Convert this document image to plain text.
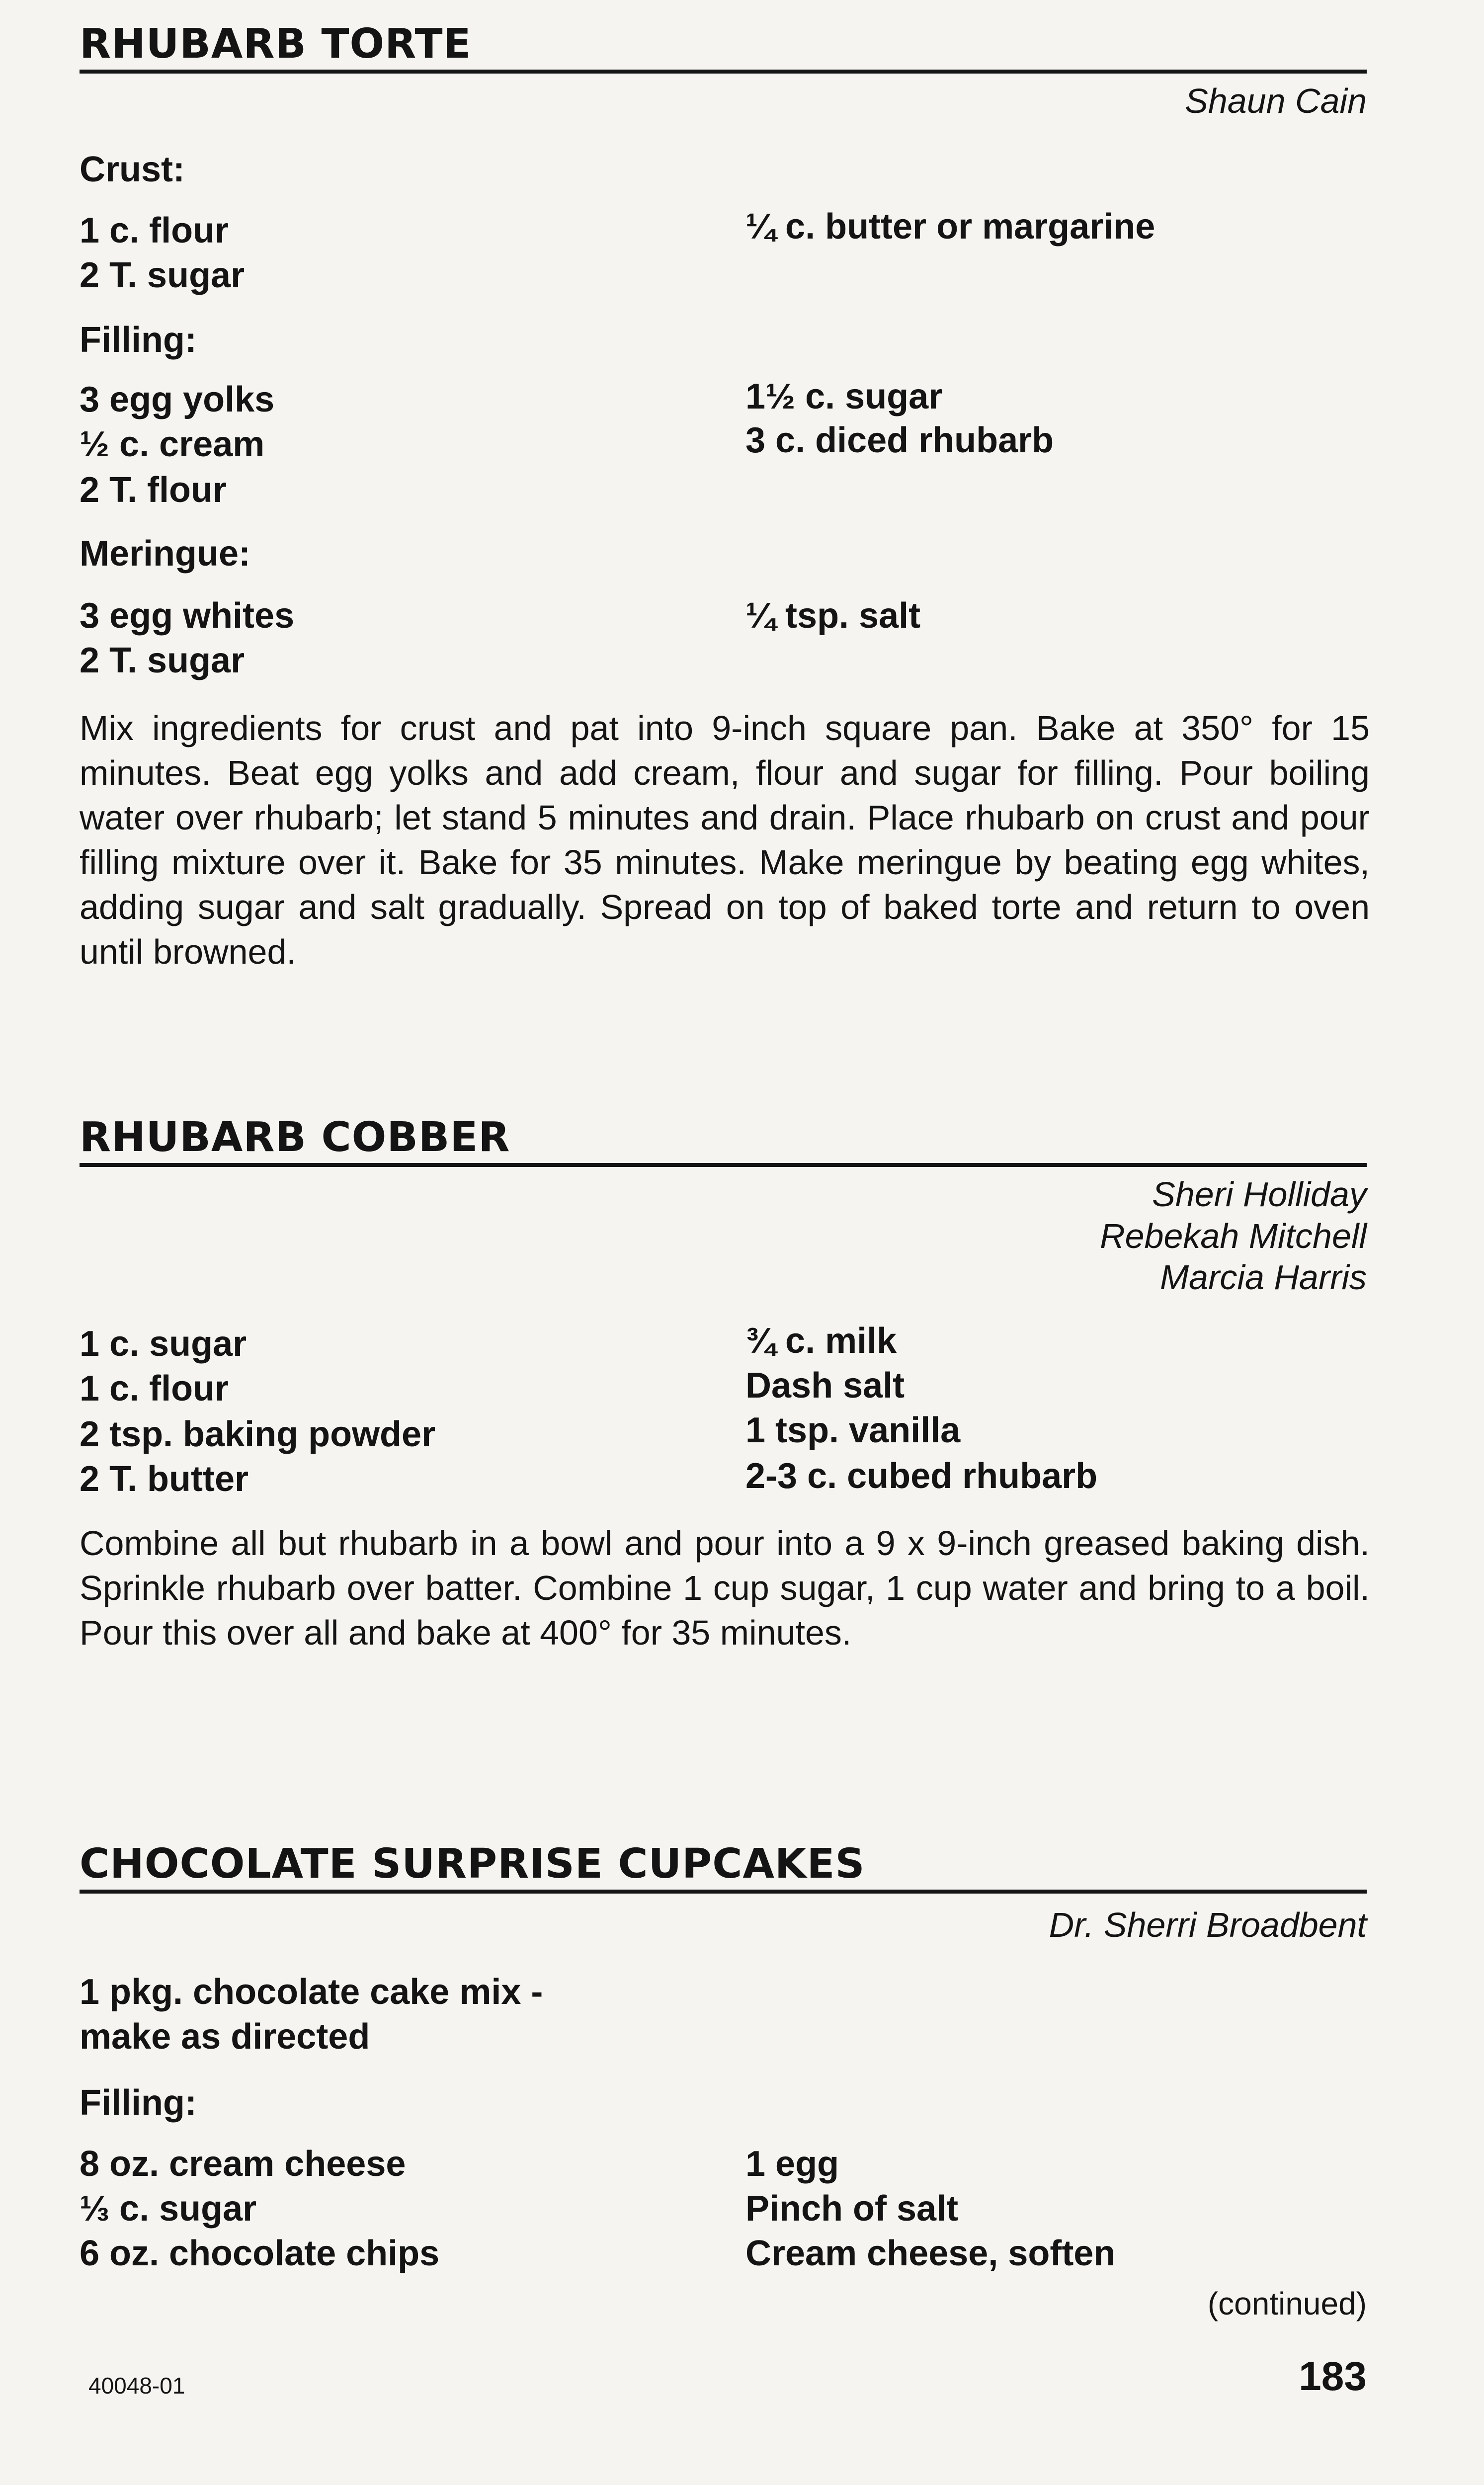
RHUBARB TORTE
Shaun Cain
Crust:
1 c. flour
2 T. sugar
¼ c. butter or margarine
Filling:
3 egg yolks
½ c. cream
2 T. flour
1½ c. sugar
3 c. diced rhubarb
Meringue:
3 egg whites
2 T. sugar
¼ tsp. salt
Mix ingredients for crust and pat into 9-inch square pan. Bake at 350° for 15 minutes. Beat egg yolks and add cream, flour and sugar for filling. Pour boiling water over rhubarb; let stand 5 minutes and drain. Place rhubarb on crust and pour filling mixture over it. Bake for 35 minutes. Make meringue by beating egg whites, adding sugar and salt gradually. Spread on top of baked torte and return to oven until browned.
RHUBARB COBBER
Sheri Holliday
Rebekah Mitchell
Marcia Harris
1 c. sugar
1 c. flour
2 tsp. baking powder
2 T. butter
¾ c. milk
Dash salt
1 tsp. vanilla
2-3 c. cubed rhubarb
Combine all but rhubarb in a bowl and pour into a 9 x 9-inch greased baking dish. Sprinkle rhubarb over batter. Combine 1 cup sugar, 1 cup water and bring to a boil. Pour this over all and bake at 400° for 35 minutes.
CHOCOLATE SURPRISE CUPCAKES
Dr. Sherri Broadbent
1 pkg. chocolate cake mix -
make as directed
Filling:
8 oz. cream cheese
⅓ c. sugar
6 oz. chocolate chips
1 egg
Pinch of salt
Cream cheese, soften
(continued)
40048-01	183
